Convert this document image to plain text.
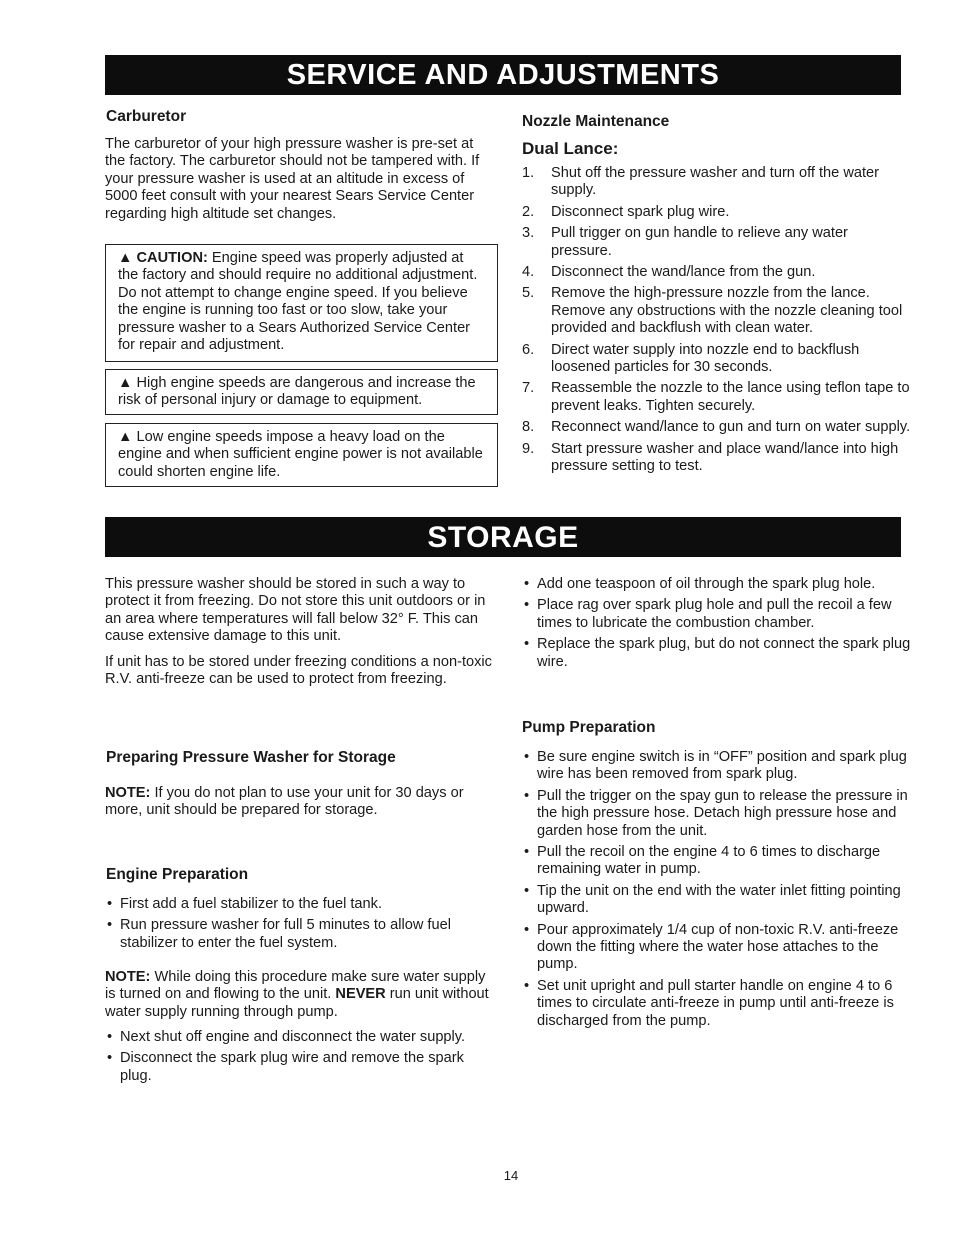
SERVICE AND ADJUSTMENTS
Carburetor

The carburetor of your high pressure washer is pre-set at the factory. The carburetor should not be tampered with. If your pressure washer is used at an altitude in excess of 5000 feet consult with your nearest Sears Service Center regarding high altitude set changes.

▲ CAUTION: Engine speed was properly adjusted at the factory and should require no additional adjustment. Do not attempt to change engine speed. If you believe the engine is running too fast or too slow, take your pressure washer to a Sears Authorized Service Center for repair and adjustment.
▲ High engine speeds are dangerous and increase the risk of personal injury or damage to equipment.
▲ Low engine speeds impose a heavy load on the engine and when sufficient engine power is not available could shorten engine life.
Nozzle Maintenance
Dual Lance:
1. Shut off the pressure washer and turn off the water supply.
2. Disconnect spark plug wire.
3. Pull trigger on gun handle to relieve any water pressure.
4. Disconnect the wand/lance from the gun.
5. Remove the high-pressure nozzle from the lance. Remove any obstructions with the nozzle cleaning tool provided and backflush with clean water.
6. Direct water supply into nozzle end to backflush loosened particles for 30 seconds.
7. Reassemble the nozzle to the lance using teflon tape to prevent leaks. Tighten securely.
8. Reconnect wand/lance to gun and turn on water supply.
9. Start pressure washer and place wand/lance into high pressure setting to test.
STORAGE

This pressure washer should be stored in such a way to protect it from freezing. Do not store this unit outdoors or in an area where temperatures will fall below 32° F. This can cause extensive damage to this unit.

If unit has to be stored under freezing conditions a non-toxic R.V. anti-freeze can be used to protect from freezing.

Preparing Pressure Washer for Storage

NOTE: If you do not plan to use your unit for 30 days or more, unit should be prepared for storage.

Engine Preparation
• First add a fuel stabilizer to the fuel tank.
• Run pressure washer for full 5 minutes to allow fuel stabilizer to enter the fuel system.

NOTE: While doing this procedure make sure water supply is turned on and flowing to the unit. NEVER run unit without water supply running through pump.

• Next shut off engine and disconnect the water supply.
• Disconnect the spark plug wire and remove the spark plug.
• Add one teaspoon of oil through the spark plug hole.
• Place rag over spark plug hole and pull the recoil a few times to lubricate the combustion chamber.
• Replace the spark plug, but do not connect the spark plug wire.
Pump Preparation
• Be sure engine switch is in “OFF” position and spark plug wire has been removed from spark plug.
• Pull the trigger on the spay gun to release the pressure in the high pressure hose. Detach high pressure hose and garden hose from the unit.
• Pull the recoil on the engine 4 to 6 times to discharge remaining water in pump.
• Tip the unit on the end with the water inlet fitting pointing upward.
• Pour approximately 1/4 cup of non-toxic R.V. anti-freeze down the fitting where the water hose attaches to the pump.
• Set unit upright and pull starter handle on engine 4 to 6 times to circulate anti-freeze in pump until anti-freeze is discharged from the pump.
14
